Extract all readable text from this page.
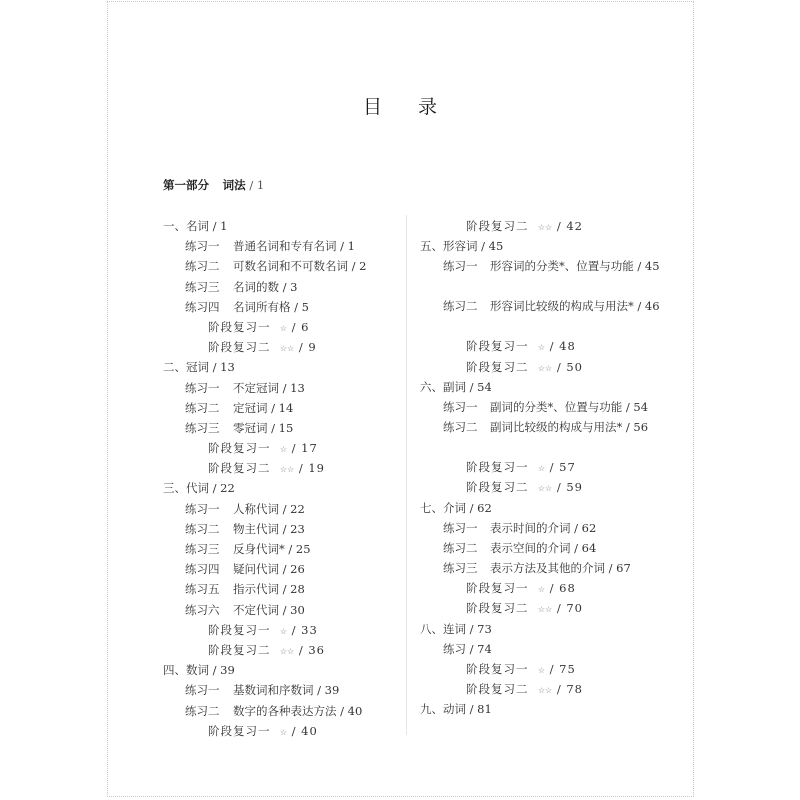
目录
第一部分 词法 / 1
一、名词 / 1
练习一 普通名词和专有名词 / 1
练习二 可数名词和不可数名词 / 2
练习三 名词的数 / 3
练习四 名词所有格 / 5
阶段复习一 ☆ / 6
阶段复习二 ☆☆ / 9
二、冠词 / 13
练习一 不定冠词 / 13
练习二 定冠词 / 14
练习三 零冠词 / 15
阶段复习一 ☆ / 17
阶段复习二 ☆☆ / 19
三、代词 / 22
练习一 人称代词 / 22
练习二 物主代词 / 23
练习三 反身代词* / 25
练习四 疑问代词 / 26
练习五 指示代词 / 28
练习六 不定代词 / 30
阶段复习一 ☆ / 33
阶段复习二 ☆☆ / 36
四、数词 / 39
练习一 基数词和序数词 / 39
练习二 数字的各种表达方法 / 40
阶段复习一 ☆ / 40
阶段复习二 ☆☆ / 42
五、形容词 / 45
练习一 形容词的分类*、位置与功能 / 45
练习二 形容词比较级的构成与用法* / 46
阶段复习一 ☆ / 48
阶段复习二 ☆☆ / 50
六、副词 / 54
练习一 副词的分类*、位置与功能 / 54
练习二 副词比较级的构成与用法* / 56
阶段复习一 ☆ / 57
阶段复习二 ☆☆ / 59
七、介词 / 62
练习一 表示时间的介词 / 62
练习二 表示空间的介词 / 64
练习三 表示方法及其他的介词 / 67
阶段复习一 ☆ / 68
阶段复习二 ☆☆ / 70
八、连词 / 73
练习 / 74
阶段复习一 ☆ / 75
阶段复习二 ☆☆ / 78
九、动词 / 81
